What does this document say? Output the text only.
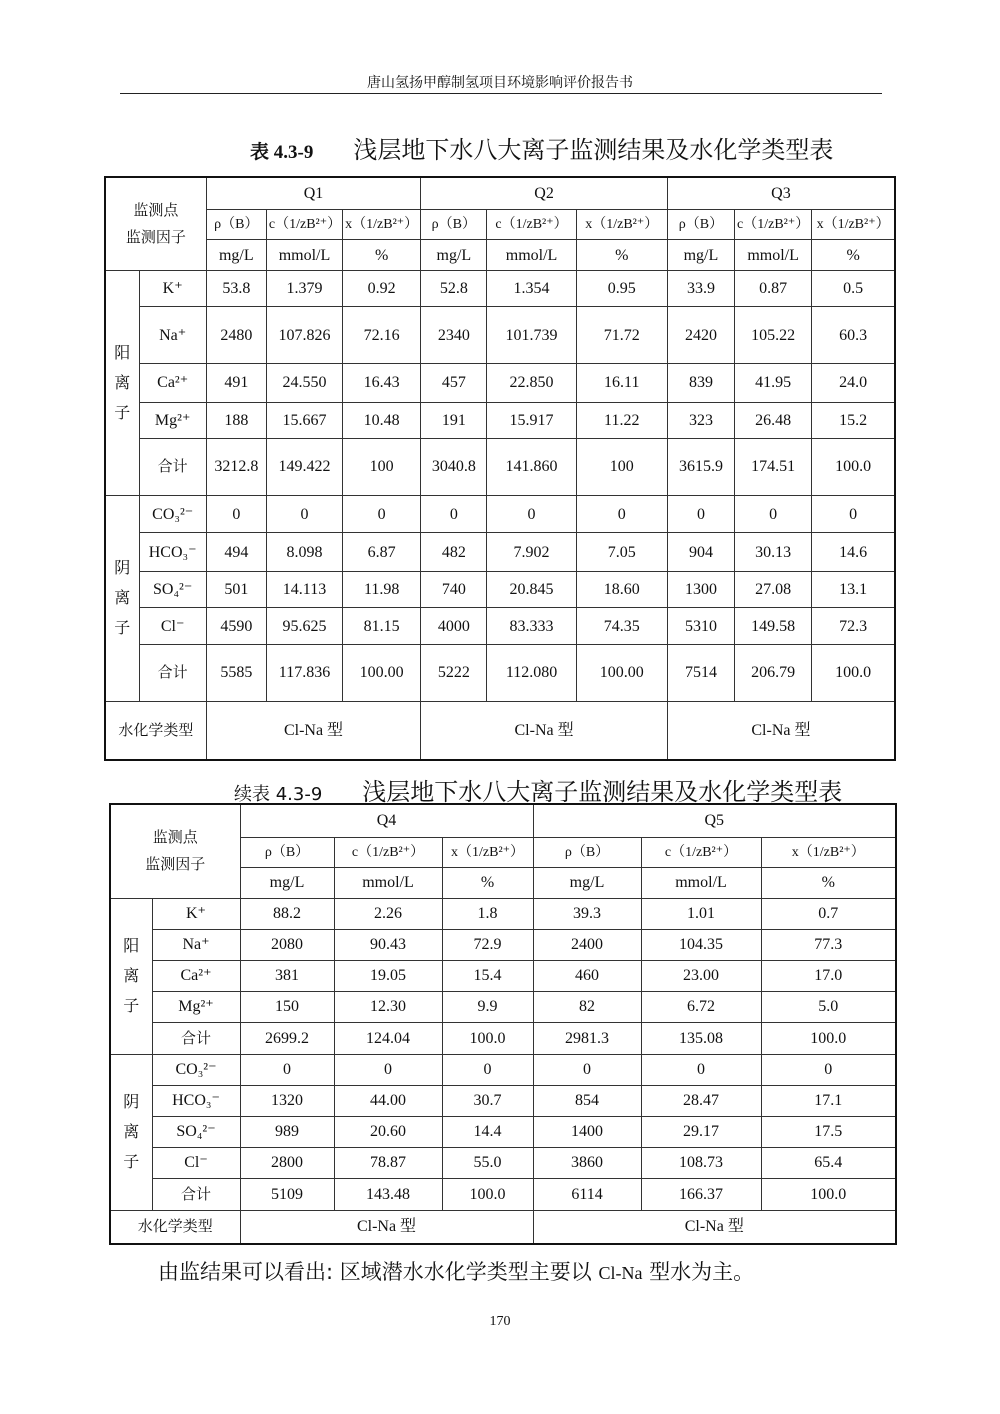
唐山氢扬甲醇制氢项目环境影响评价报告书
表 4.3-9 浅层地下水八大离子监测结果及水化学类型表
监测点
监测因子		Q1			Q2			Q3		
		ρ（B）	c（1/zB²⁺）	x（1/zB²⁺）	ρ（B）	c（1/zB²⁺）	x（1/zB²⁺）	ρ（B）	c（1/zB²⁺）	x（1/zB²⁺）
		mg/L	mmol/L	%	mg/L	mmol/L	%	mg/L	mmol/L	%
阳离子	K⁺	53.8	1.379	0.92	52.8	1.354	0.95	33.9	0.87	0.5
	Na⁺	2480	107.826	72.16	2340	101.739	71.72	2420	105.22	60.3
	Ca²⁺	491	24.550	16.43	457	22.850	16.11	839	41.95	24.0
	Mg²⁺	188	15.667	10.48	191	15.917	11.22	323	26.48	15.2
	合计	3212.8	149.422	100	3040.8	141.860	100	3615.9	174.51	100.0
阴离子	CO₃²⁻	0	0	0	0	0	0	0	0	0
	HCO₃⁻	494	8.098	6.87	482	7.902	7.05	904	30.13	14.6
	SO₄²⁻	501	14.113	11.98	740	20.845	18.60	1300	27.08	13.1
	Cl⁻	4590	95.625	81.15	4000	83.333	74.35	5310	149.58	72.3
	合计	5585	117.836	100.00	5222	112.080	100.00	7514	206.79	100.0
水化学类型		Cl-Na 型			Cl-Na 型			Cl-Na 型		
续表 4.3-9 浅层地下水八大离子监测结果及水化学类型表
监测点
监测因子		Q4			Q5		
		ρ（B）	c（1/zB²⁺）	x（1/zB²⁺）	ρ（B）	c（1/zB²⁺）	x（1/zB²⁺）
		mg/L	mmol/L	%	mg/L	mmol/L	%
阳离子	K⁺	88.2	2.26	1.8	39.3	1.01	0.7
	Na⁺	2080	90.43	72.9	2400	104.35	77.3
	Ca²⁺	381	19.05	15.4	460	23.00	17.0
	Mg²⁺	150	12.30	9.9	82	6.72	5.0
	合计	2699.2	124.04	100.0	2981.3	135.08	100.0
阴离子	CO₃²⁻	0	0	0	0	0	0
	HCO₃⁻	1320	44.00	30.7	854	28.47	17.1
	SO₄²⁻	989	20.60	14.4	1400	29.17	17.5
	Cl⁻	2800	78.87	55.0	3860	108.73	65.4
	合计	5109	143.48	100.0	6114	166.37	100.0
水化学类型		Cl-Na 型			Cl-Na 型		
由监结果可以看出: 区域潜水水化学类型主要以 Cl-Na 型水为主。
170
